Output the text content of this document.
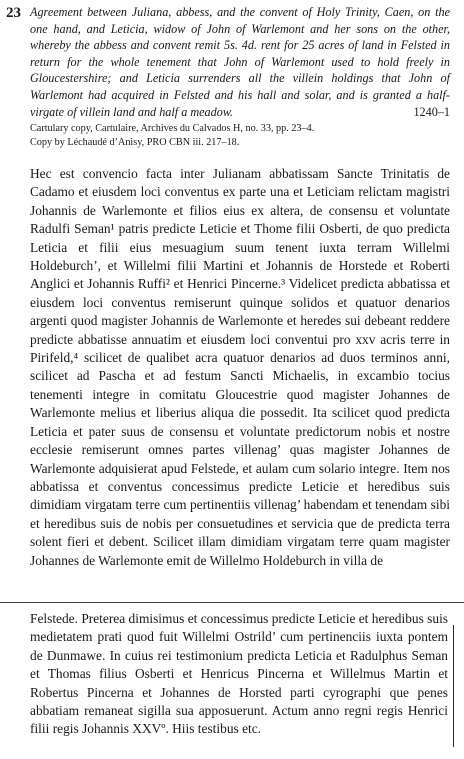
23 Agreement between Juliana, abbess, and the convent of Holy Trinity, Caen, on the one hand, and Leticia, widow of John of Warlemont and her sons on the other, whereby the abbess and convent remit 5s. 4d. rent for 25 acres of land in Felsted in return for the whole tenement that John of Warlemont used to hold freely in Gloucestershire; and Leticia surrenders all the villein holdings that John of Warlemont had acquired in Felsted and his hall and solar, and is granted a half-virgate of villein land and half a meadow.	1240–1
Cartulary copy, Cartulaire, Archives du Calvados H, no. 33, pp. 23–4.
Copy by Léchaudé d’Anisy, PRO CBN iii. 217–18.
Hec est convencio facta inter Julianam abbatissam Sancte Trinitatis de Cadamo et eiusdem loci conventus ex parte una et Leticiam relictam magistri Johannis de Warlemonte et filios eius ex altera, de consensu et voluntate Radulfi Seman¹ patris predicte Leticie et Thome filii Osberti, de quo predicta Leticia et filii eius mesuagium suum tenent iuxta terram Willelmi Holdeburch’, et Willelmi filii Martini et Johannis de Horstede et Roberti Anglici et Johannis Ruffi² et Henrici Pincerne.³ Videlicet predicta abbatissa et eiusdem loci conventus remiserunt quinque solidos et quatuor denarios argenti quod magister Johannis de Warlemonte et heredes sui debeant reddere predicte abbatisse annuatim et eiusdem loci conventui pro xxv acris terre in Pirifeld,⁴ scilicet de qualibet acra quatuor denarios ad duos terminos anni, scilicet ad Pascha et ad festum Sancti Michaelis, in excambio tocius tenementi integre in comitatu Gloucestrie quod magister Johannes de Warlemonte melius et liberius aliqua die possedit. Ita scilicet quod predicta Leticia et pater suus de consensu et voluntate predictorum nobis et nostre ecclesie remiserunt omnes partes villenag’ quas magister Johannes de Warlemonte adquisierat apud Felstede, et aulam cum solario integre. Item nos abbatissa et conventus concessimus predicte Leticie et heredibus suis dimidiam virgatam terre cum pertinentiis villenag’ habendam et tenendam sibi et heredibus suis de nobis per consuetudines et servicia que de predicta terra solent fieri et debent. Scilicet illam dimidiam virgatam terre quam magister Johannes de Warlemonte emit de Willelmo Holdeburch in villa de
Felstede. Preterea dimisimus et concessimus predicte Leticie et heredibus suis medietatem prati quod fuit Willelmi Ostrild’ cum pertinenciis iuxta pontem de Dunmawe. In cuius rei testimonium predicta Leticia et Radulphus Seman et Thomas filius Osberti et Henricus Pincerna et Willelmus Martin et Robertus Pincerna et Johannes de Horsted parti cyrographi que penes abbatiam remaneat sigilla sua apposuerunt. Actum anno regni regis Henrici filii regis Johannis XXVº. Hiis testibus etc.
